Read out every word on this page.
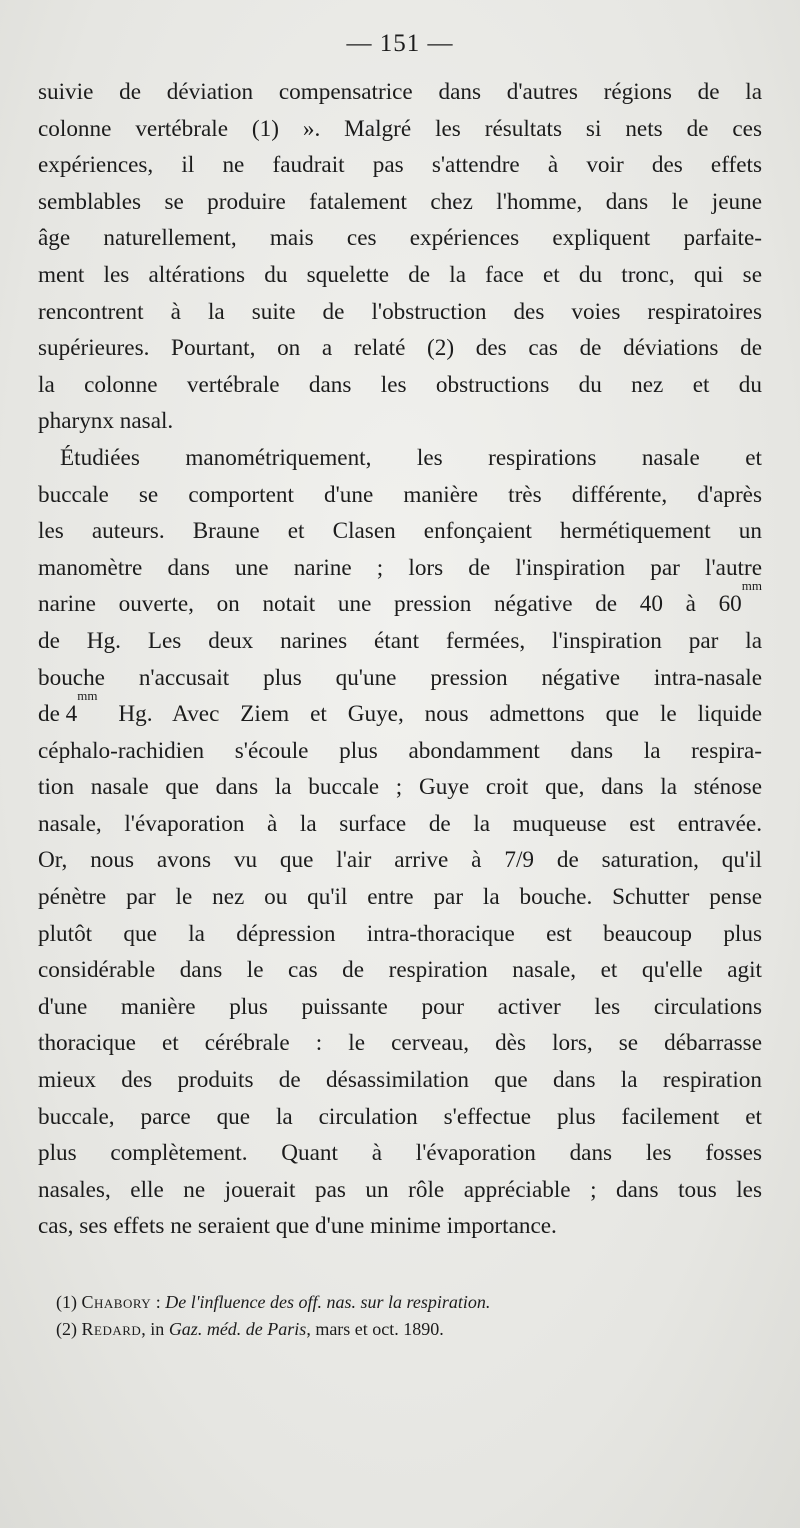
— 151 —
suivie de déviation compensatrice dans d'autres régions de la
colonne vertébrale (1) ». Malgré les résultats si nets de ces
expériences, il ne faudrait pas s'attendre à voir des effets
semblables se produire fatalement chez l'homme, dans le jeune
âge naturellement, mais ces expériences expliquent parfaite-
ment les altérations du squelette de la face et du tronc, qui se
rencontrent à la suite de l'obstruction des voies respiratoires
supérieures. Pourtant, on a relaté (2) des cas de déviations de
la colonne vertébrale dans les obstructions du nez et du
pharynx nasal.
Étudiées manométriquement, les respirations nasale et
buccale se comportent d'une manière très différente, d'après
les auteurs. Braune et Clasen enfonçaient hermétiquement un
manomètre dans une narine ; lors de l'inspiration par l'autre
narine ouverte, on notait une pression négative de 40 à 60
mm
de Hg. Les deux narines étant fermées, l'inspiration par la
bouche n'accusait plus qu'une pression négative intra-nasale
de 4
mm
Hg. Avec Ziem et Guye, nous admettons que le liquide
céphalo-rachidien s'écoule plus abondamment dans la respira-
tion nasale que dans la buccale ; Guye croit que, dans la sténose
nasale, l'évaporation à la surface de la muqueuse est entravée.
Or, nous avons vu que l'air arrive à 7/9 de saturation, qu'il
pénètre par le nez ou qu'il entre par la bouche. Schutter pense
plutôt que la dépression intra-thoracique est beaucoup plus
considérable dans le cas de respiration nasale, et qu'elle agit
d'une manière plus puissante pour activer les circulations
thoracique et cérébrale : le cerveau, dès lors, se débarrasse
mieux des produits de désassimilation que dans la respiration
buccale, parce que la circulation s'effectue plus facilement et
plus complètement. Quant à l'évaporation dans les fosses
nasales, elle ne jouerait pas un rôle appréciable ; dans tous les
cas, ses effets ne seraient que d'une minime importance.
(1) Chabory : De l'influence des off. nas. sur la respiration.
(2) Redard, in Gaz. méd. de Paris, mars et oct. 1890.
